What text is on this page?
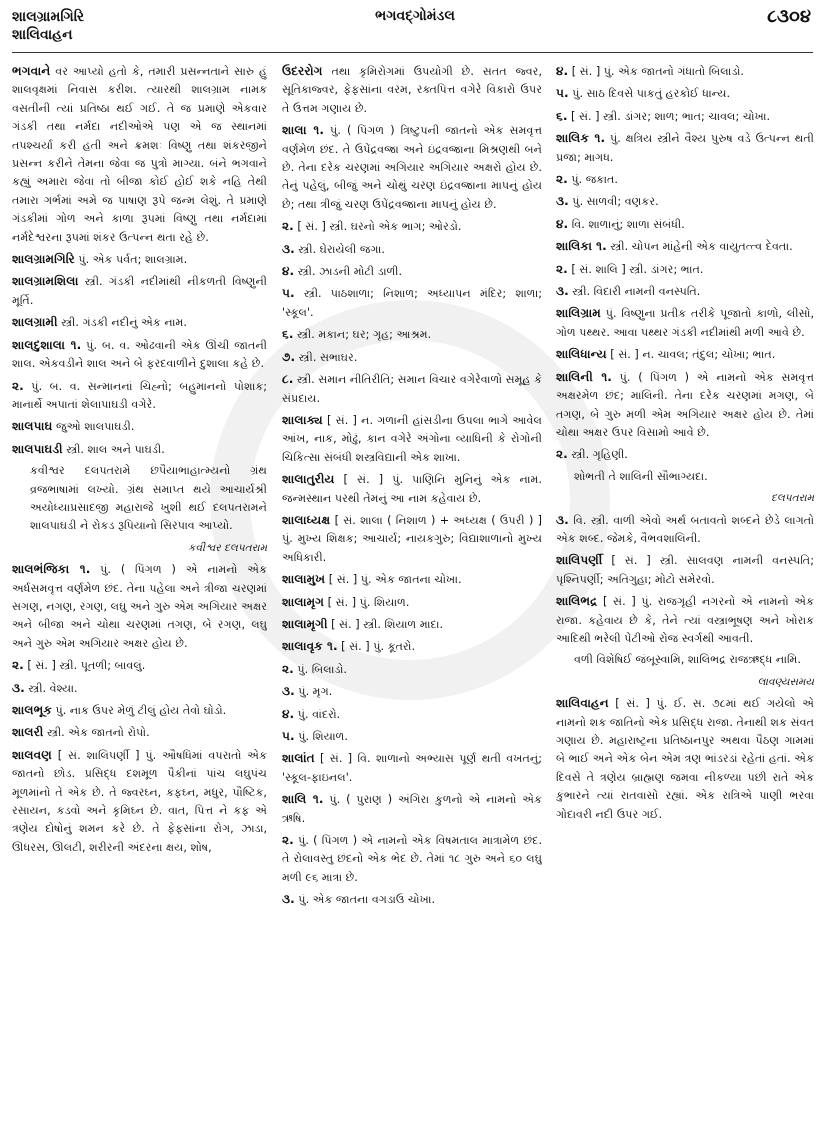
શાલગ્રામગિરિ
શાલિવાહન
ભગવદ્ગોમંડલ	૮૩૦૪

ભગવાને વર આપ્યો હતો કે, તમારી પ્રસન્નતાને સારુ હું શાલવૃક્ષમાં નિવાસ કરીશ. ત્યારથી શાલગ્રામ નામક વસતીની ત્યાં પ્રતિષ્ઠા થઈ ગઈ. તે જ પ્રમાણે એકવાર ગંડકી તથા નર્મદા નદીઓએ પણ એ જ સ્થાનમાં તપશ્ચર્યા કરી હતી અને ક્રમશઃ વિષ્ણુ તથા શંકરજીને પ્રસન્ન કરીને તેમના જેવા જ પુત્રો માગ્યા. બંને ભગવાને કહ્યું અમારા જેવા તો બીજા કોઈ હોઈ શકે નહિ તેથી તમારા ગર્ભમાં અમે જ પાષાણ રૂપે જન્મ લેશું. તે પ્રમાણે ગંડકીમાં ગોળ અને કાળા રૂપમાં વિષ્ણુ તથા નર્મદામાં નર્મદેશ્વરના રૂપમાં શંકર ઉત્પન્ન થતા રહે છે.

શાલગ્રામગિરિ પું. એક પર્વત; શાલગ્રામ.

શાલગ્રામશિલા સ્ત્રી. ગંડકી નદીમાંથી નીકળતી વિષ્ણુની મૂર્તિ.

શાલગ્રામી સ્ત્રી. ગંડકી નદીનું એક નામ.

શાલદુશાલા ૧. પું. બ. વ. ઓઢવાની એક ઊંચી જાતની શાલ. એકવડીને શાલ અને બે ફરદવાળીને દુશાલા કહે છે.

૨. પું. બ. વ. સન્માનનાં ચિહ્નો; બહુમાનનો પોશાક; માનાર્થે અપાતાં શેલાપાઘડી વગેરે.

શાલપાઘ જુઓ શાલપાઘડી.

શાલપાઘડી સ્ત્રી. શાલ અને પાઘડી.

કવીશ્વર દલપતરામે છપૈયાભાહાત્મ્યનો ગ્રંથ વ્રજભાષામાં લખ્યો. ગ્રંથ સમાપ્ત થયે આચાર્યશ્રી અયોધ્યાપ્રસાદજી મહારાજે ખુશી થઈ દલપતરામને શાલપાઘડી ને રોકડ રૂપિયાનો સિરપાવ આપ્યો.

કવીશ્વર દલપતરામ

શાલભંજિકા ૧. પું. ( પિંગળ ) એ નામનો એક અર્ધસમવૃત્ત વર્ણમેળ છંદ. તેના પહેલા અને ત્રીજા ચરણમાં સગણ, નગણ, રગણ, લઘુ અને ગુરુ એમ અગિયાર અક્ષર અને બીજા અને ચોથા ચરણમાં તગણ, બે રગણ, લઘુ અને ગુરુ એમ અગિયાર અક્ષર હોય છે.

૨. [ સં. ] સ્ત્રી. પૂતળી; બાવલું.

૩. સ્ત્રી. વેશ્યા.

શાલભૂક પું. નાક ઉપર મેળું ટીલું હોય તેવો ઘોડો.

શાલરી સ્ત્રી. એક જાતનો રોપો.

શાલવણ [ સં. શાલિપર્ણી ] પું. ઔષધિમાં વપરાતો એક જાતનો છોડ. પ્રસિદ્ધ દશમૂળ પૈકીનાં પાંચ લઘુપંચ મૂળમાંનો તે એક છે. તે જ્વરઘ્ન, કફઘ્ન, મધુર, પૌષ્ટિક, રસાયન, કડવો અને કૃમિઘ્ન છે. વાત, પિત્ત ને કફ એ ત્રણેય દોષોનું શમન કરે છે. તે ફેફસાંના રોગ, ઝાડા, ઊધરસ, ઊલટી, શરીરની અંદરના ક્ષય, શોષ,

ઉદરરોગ તથા કૃમિરોગમાં ઉપયોગી છે. સતત જ્વર, સૂતિકાજ્વર, ફેફસાંના વરમ, રક્તપિત્ત વગેરે વિકારો ઉપર તે ઉત્તમ ગણાય છે.

શાલા ૧. પું. ( પિંગળ ) ત્રિષ્ટુપની જાતનો એક સમવૃત્ત વર્ણમેળ છંદ. તે ઉપેંદ્રવજ્રા અને ઇંદ્રવજ્રાના મિશ્રણથી બને છે. તેના દરેક ચરણમાં અગિયાર અગિયાર અક્ષરો હોય છે. તેનું પહેલું, બીજું અને ચોથું ચરણ ઇંદ્રવજ્રાના માપનું હોય છે; તથા ત્રીજું ચરણ ઉપેંદ્રવજ્રાના માપનું હોય છે.

૨. [ સં. ] સ્ત્રી. ઘરનો એક ભાગ; ઓરડો.

૩. સ્ત્રી. ઘેરાયેલી જગા.

૪. સ્ત્રી. ઝાડની મોટી ડાળી.

૫. સ્ત્રી. પાઠશાળા; નિશાળ; અધ્યાપન મંદિર; શાળા; 'સ્કૂલ'.

૬. સ્ત્રી. મકાન; ઘર; ગૃહ; આશ્રમ.

૭. સ્ત્રી. સભાઘર.

૮. સ્ત્રી. સમાન નીતિરીતિ; સમાન વિચાર વગેરેવાળો સમૂહ કે સંપ્રદાય.

શાલાક્ય [ સં. ] ન. ગળાની હાંસડીના ઉપલા ભાગે આવેલ આંખ, નાક, મોઢું, કાન વગેરે અંગોના વ્યાધિની કે રોગોની ચિકિત્સા સંબંધી શસ્ત્રવિદ્યાની એક શાખા.

શાલાતુરીય [ સં. ] પું. પાણિનિ મુનિનું એક નામ. જન્મસ્થાન પરથી તેમનું આ નામ કહેવાય છે.

શાલાધ્યક્ષ [ સં. શાલા ( નિશાળ ) + અધ્યક્ષ ( ઉપરી ) ] પું. મુખ્ય શિક્ષક; આચાર્ય; નાયકગુરુ; વિદ્યાશાળાનો મુખ્ય અધિકારી.

શાલામુખ [ સં. ] પું. એક જાતના ચોખા.

શાલામૃગ [ સં. ] પું. શિયાળ.

શાલામૃગી [ સં. ] સ્ત્રી. શિયાળ માદા.

શાલાવૃક ૧. [ સં. ] પું. કૂતરો.

૨. પું. બિલાડો.

૩. પું. મૃગ.

૪. પું. વાંદરો.

૫. પું. શિયાળ.

શાલાંત [ સં. ] વિ. શાળાનો અભ્યાસ પૂર્ણ થતી વખતનું; 'સ્કૂલ-ફાઇનલ'.

શાલિ ૧. પું. ( પુરાણ ) અંગિરા કુળનો એ નામનો એક ઋષિ.

૨. પું. ( પિંગળ ) એ નામનો એક વિષમતાલ માત્રામેળ છંદ. તે રોલાવસ્તુ છંદનો એક ભેદ છે. તેમાં ૧૮ ગુરુ અને ૬૦ લઘુ મળી ૯૬ માત્રા છે.

૩. પું. એક જાતના વગડાઉ ચોખા.

૪. [ સં. ] પું. એક જાતનો ગંધાતો બિલાડો.

૫. પું. સાઠ દિવસે પાકતું હરકોઈ ધાન્ય.

૬. [ સં. ] સ્ત્રી. ડાંગર; શાળ; ભાત; ચાવલ; ચોખા.

શાલિક ૧. પું. ક્ષત્રિય સ્ત્રીને વૈશ્ય પુરુષ વડે ઉત્પન્ન થતી પ્રજા; માગધ.

૨. પું. જકાત.

૩. પું. સાળવી; વણકર.

૪. વિ. શાળાનું; શાળા સંબંધી.

શાલિકા ૧. સ્ત્રી. ચોપન માંહેની એક વાયુતત્ત્વ દેવતા.

૨. [ સં. શાલિ ] સ્ત્રી. ડાંગર; ભાત.

૩. સ્ત્રી. વિદારી નામની વનસ્પતિ.

શાલિગ્રામ પું. વિષ્ણુના પ્રતીક તરીકે પૂજાતો કાળો, લીસો, ગોળ પથ્થર. આવા પથ્થર ગંડકી નદીમાંથી મળી આવે છે.

શાલિધાન્ય [ સં. ] ન. ચાવલ; તંદુલ; ચોખા; ભાત.

શાલિની ૧. પું. ( પિંગળ ) એ નામનો એક સમવૃત્ત અક્ષરમેળ છંદ; માલિની. તેના દરેક ચરણમાં મગણ, બે તગણ, બે ગુરુ મળી એમ અગિયાર અક્ષર હોય છે. તેમાં ચોથા અક્ષર ઉપર વિસામો આવે છે.

૨. સ્ત્રી. ગૃહિણી.

શોભતી તે શાલિની સૌભાગ્યદા.

દલપતરામ

૩. વિ. સ્ત્રી. વાળી એવો અર્થ બતાવતો શબ્દને છેડે લાગતો એક શબ્દ. જેમકે, વૈભવશાલિની.

શાલિપર્ણી [ સં. ] સ્ત્રી. સાલવણ નામની વનસ્પતિ; પૃશ્નિપર્ણી; અતિગુહા; મોટો સમેરવો.

શાલિભદ્ર [ સં. ] પું. રાજગૃહી નગરનો એ નામનો એક રાજા. કહેવાય છે કે, તેને ત્યાં વસ્ત્રાભૂષણ અને ખોરાક આદિથી ભરેલી પેટીઓ રોજ સ્વર્ગથી આવતી.

વળી વિશેષિઈ જંબૂસ્વામિ, શાલિભદ્ર રાજઋદ્ધ નામિ.

લાવણ્યસમય

શાલિવાહન [ સં. ] પું. ઈ. સ. ૭૮માં થઈ ગયેલો એ નામનો શક જાતિનો એક પ્રસિદ્ધ રાજા. તેનાથી શક સંવત ગણાય છે. મહારાષ્ટ્રના પ્રતિષ્ઠાનપુર અથવા પૈઠણ ગામમાં બે ભાઈ અને એક બેન એમ ત્રણ ભાંડરડાં રહેતાં હતાં. એક દિવસે તે ત્રણેય બ્રાહ્મણ જમવા નીકળ્યા પછી રાતે એક કુંભારને ત્યાં રાતવાસો રહ્યાં. એક રાત્રિએ પાણી ભરવા ગોદાવરી નદી ઉપર ગઈ.
